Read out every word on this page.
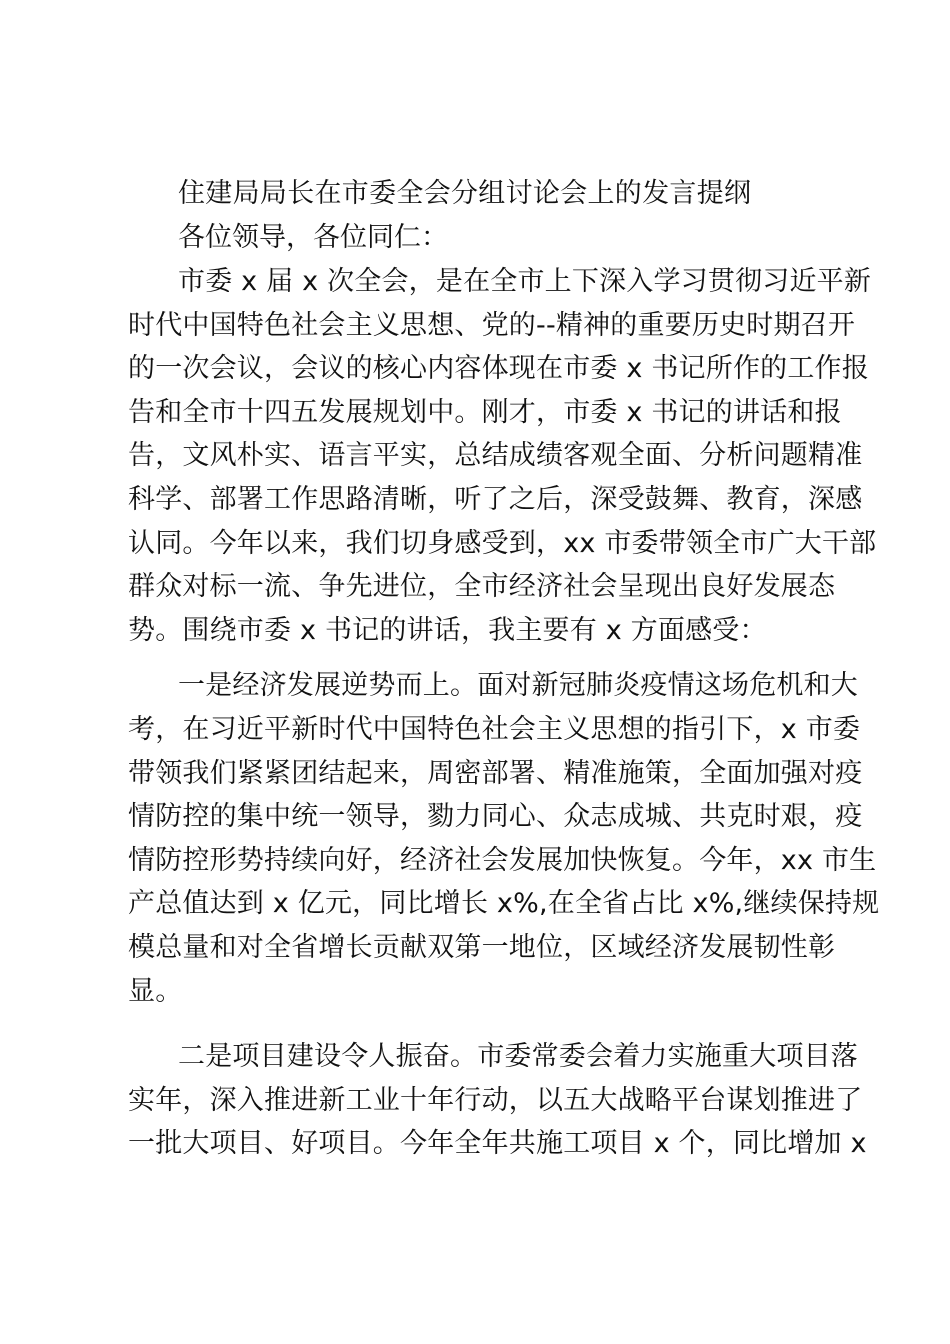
住建局局长在市委全会分组讨论会上的发言提纲
各位领导，各位同仁：
市委 x 届 x 次全会，是在全市上下深入学习贯彻习近平新
时代中国特色社会主义思想、党的--精神的重要历史时期召开
的一次会议，会议的核心内容体现在市委 x 书记所作的工作报
告和全市十四五发展规划中。刚才，市委 x 书记的讲话和报
告，文风朴实、语言平实，总结成绩客观全面、分析问题精准
科学、部署工作思路清晰，听了之后，深受鼓舞、教育，深感
认同。今年以来，我们切身感受到，xx 市委带领全市广大干部
群众对标一流、争先进位，全市经济社会呈现出良好发展态
势。围绕市委 x 书记的讲话，我主要有 x 方面感受：
一是经济发展逆势而上。面对新冠肺炎疫情这场危机和大
考，在习近平新时代中国特色社会主义思想的指引下，x 市委
带领我们紧紧团结起来，周密部署、精准施策，全面加强对疫
情防控的集中统一领导，勠力同心、众志成城、共克时艰，疫
情防控形势持续向好，经济社会发展加快恢复。今年，xx 市生
产总值达到 x 亿元，同比增长 x%,在全省占比 x%,继续保持规
模总量和对全省增长贡献双第一地位，区域经济发展韧性彰
显。
二是项目建设令人振奋。市委常委会着力实施重大项目落
实年，深入推进新工业十年行动，以五大战略平台谋划推进了
一批大项目、好项目。今年全年共施工项目 x 个，同比增加 x
